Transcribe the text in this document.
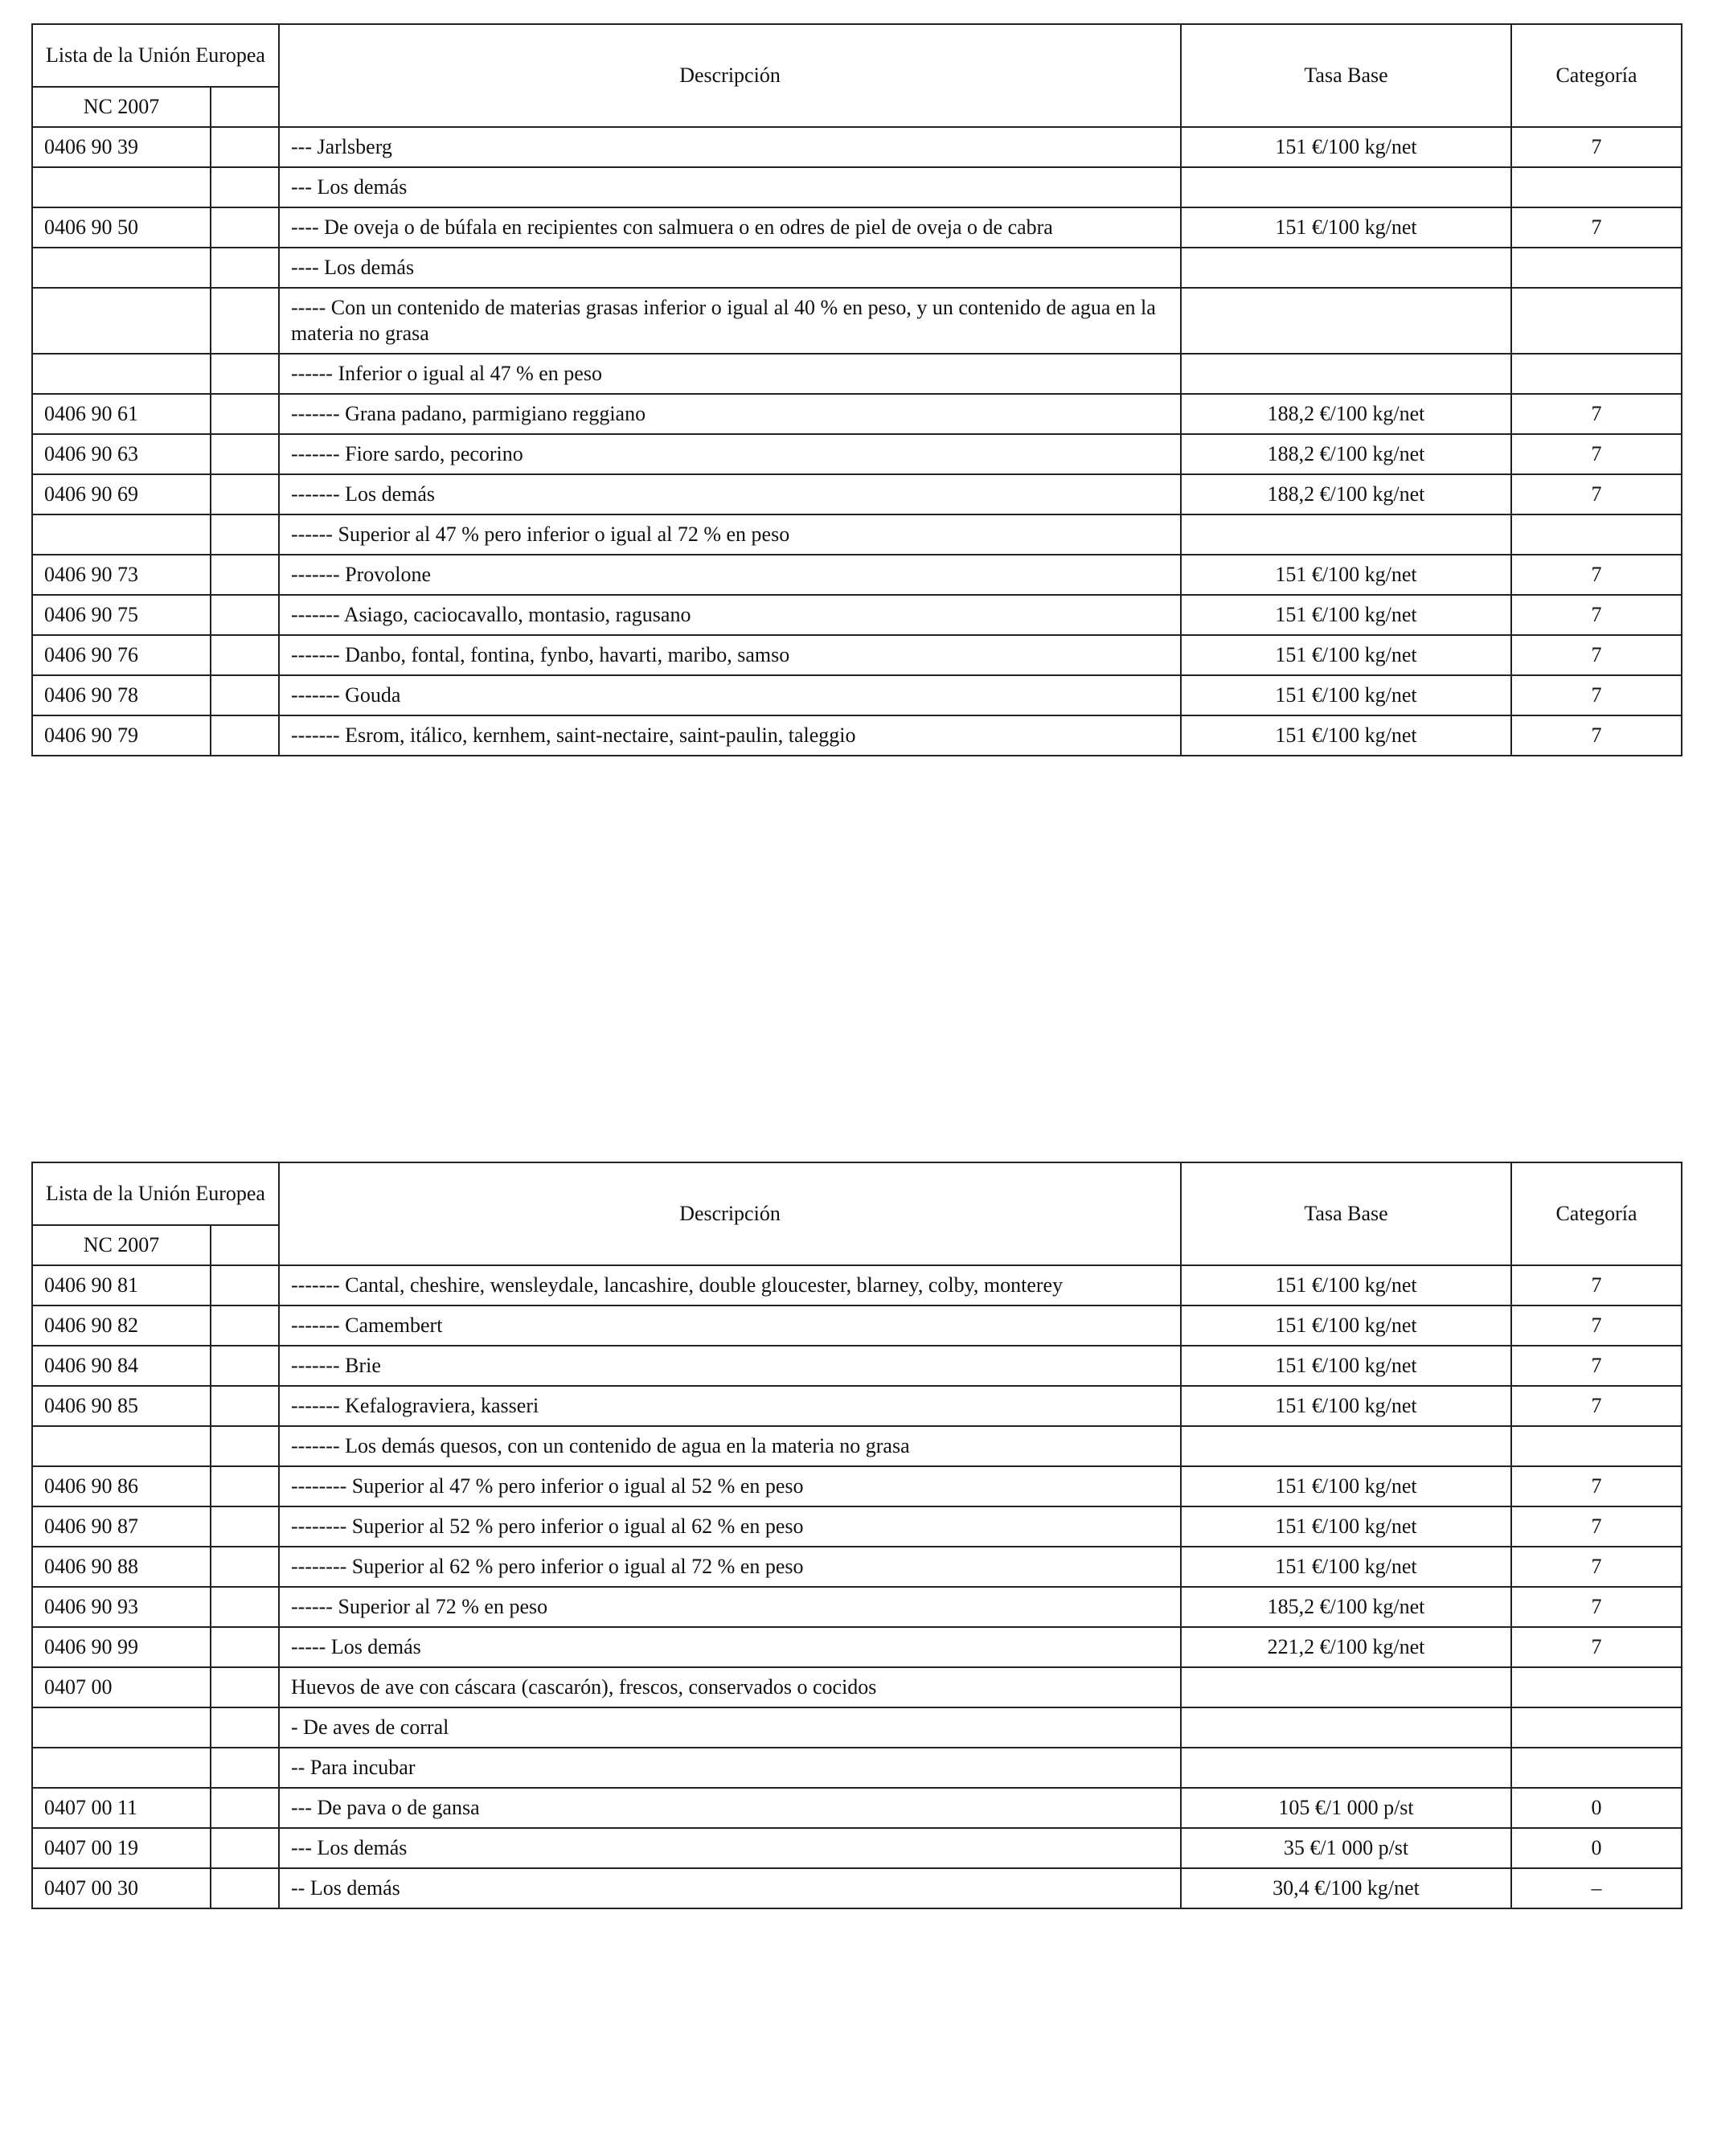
Lista de la Unión Europea		Descripción	Tasa Base	Categoría
NC 2007				
0406 90 39		--- Jarlsberg	151 €/100 kg/net	7
		--- Los demás		
0406 90 50		---- De oveja o de búfala en recipientes con salmuera o en odres de piel de oveja o de cabra	151 €/100 kg/net	7
		---- Los demás		
		----- Con un contenido de materias grasas inferior o igual al 40 % en peso, y un contenido de agua en la materia no grasa		
		------ Inferior o igual al 47 % en peso		
0406 90 61		------- Grana padano, parmigiano reggiano	188,2 €/100 kg/net	7
0406 90 63		------- Fiore sardo, pecorino	188,2 €/100 kg/net	7
0406 90 69		------- Los demás	188,2 €/100 kg/net	7
		------ Superior al 47 % pero inferior o igual al 72 % en peso		
0406 90 73		------- Provolone	151 €/100 kg/net	7
0406 90 75		------- Asiago, caciocavallo, montasio, ragusano	151 €/100 kg/net	7
0406 90 76		------- Danbo, fontal, fontina, fynbo, havarti, maribo, samso	151 €/100 kg/net	7
0406 90 78		------- Gouda	151 €/100 kg/net	7
0406 90 79		------- Esrom, itálico, kernhem, saint-nectaire, saint-paulin, taleggio	151 €/100 kg/net	7
Lista de la Unión Europea		Descripción	Tasa Base	Categoría
NC 2007				
0406 90 81		------- Cantal, cheshire, wensleydale, lancashire, double gloucester, blarney, colby, monterey	151 €/100 kg/net	7
0406 90 82		------- Camembert	151 €/100 kg/net	7
0406 90 84		------- Brie	151 €/100 kg/net	7
0406 90 85		------- Kefalograviera, kasseri	151 €/100 kg/net	7
		------- Los demás quesos, con un contenido de agua en la materia no grasa		
0406 90 86		-------- Superior al 47 % pero inferior o igual al 52 % en peso	151 €/100 kg/net	7
0406 90 87		-------- Superior al 52 % pero inferior o igual al 62 % en peso	151 €/100 kg/net	7
0406 90 88		-------- Superior al 62 % pero inferior o igual al 72 % en peso	151 €/100 kg/net	7
0406 90 93		------ Superior al 72 % en peso	185,2 €/100 kg/net	7
0406 90 99		----- Los demás	221,2 €/100 kg/net	7
0407 00		Huevos de ave con cáscara (cascarón), frescos, conservados o cocidos		
		- De aves de corral		
		-- Para incubar		
0407 00 11		--- De pava o de gansa	105 €/1 000 p/st	0
0407 00 19		--- Los demás	35 €/1 000 p/st	0
0407 00 30		-- Los demás	30,4 €/100 kg/net	–
